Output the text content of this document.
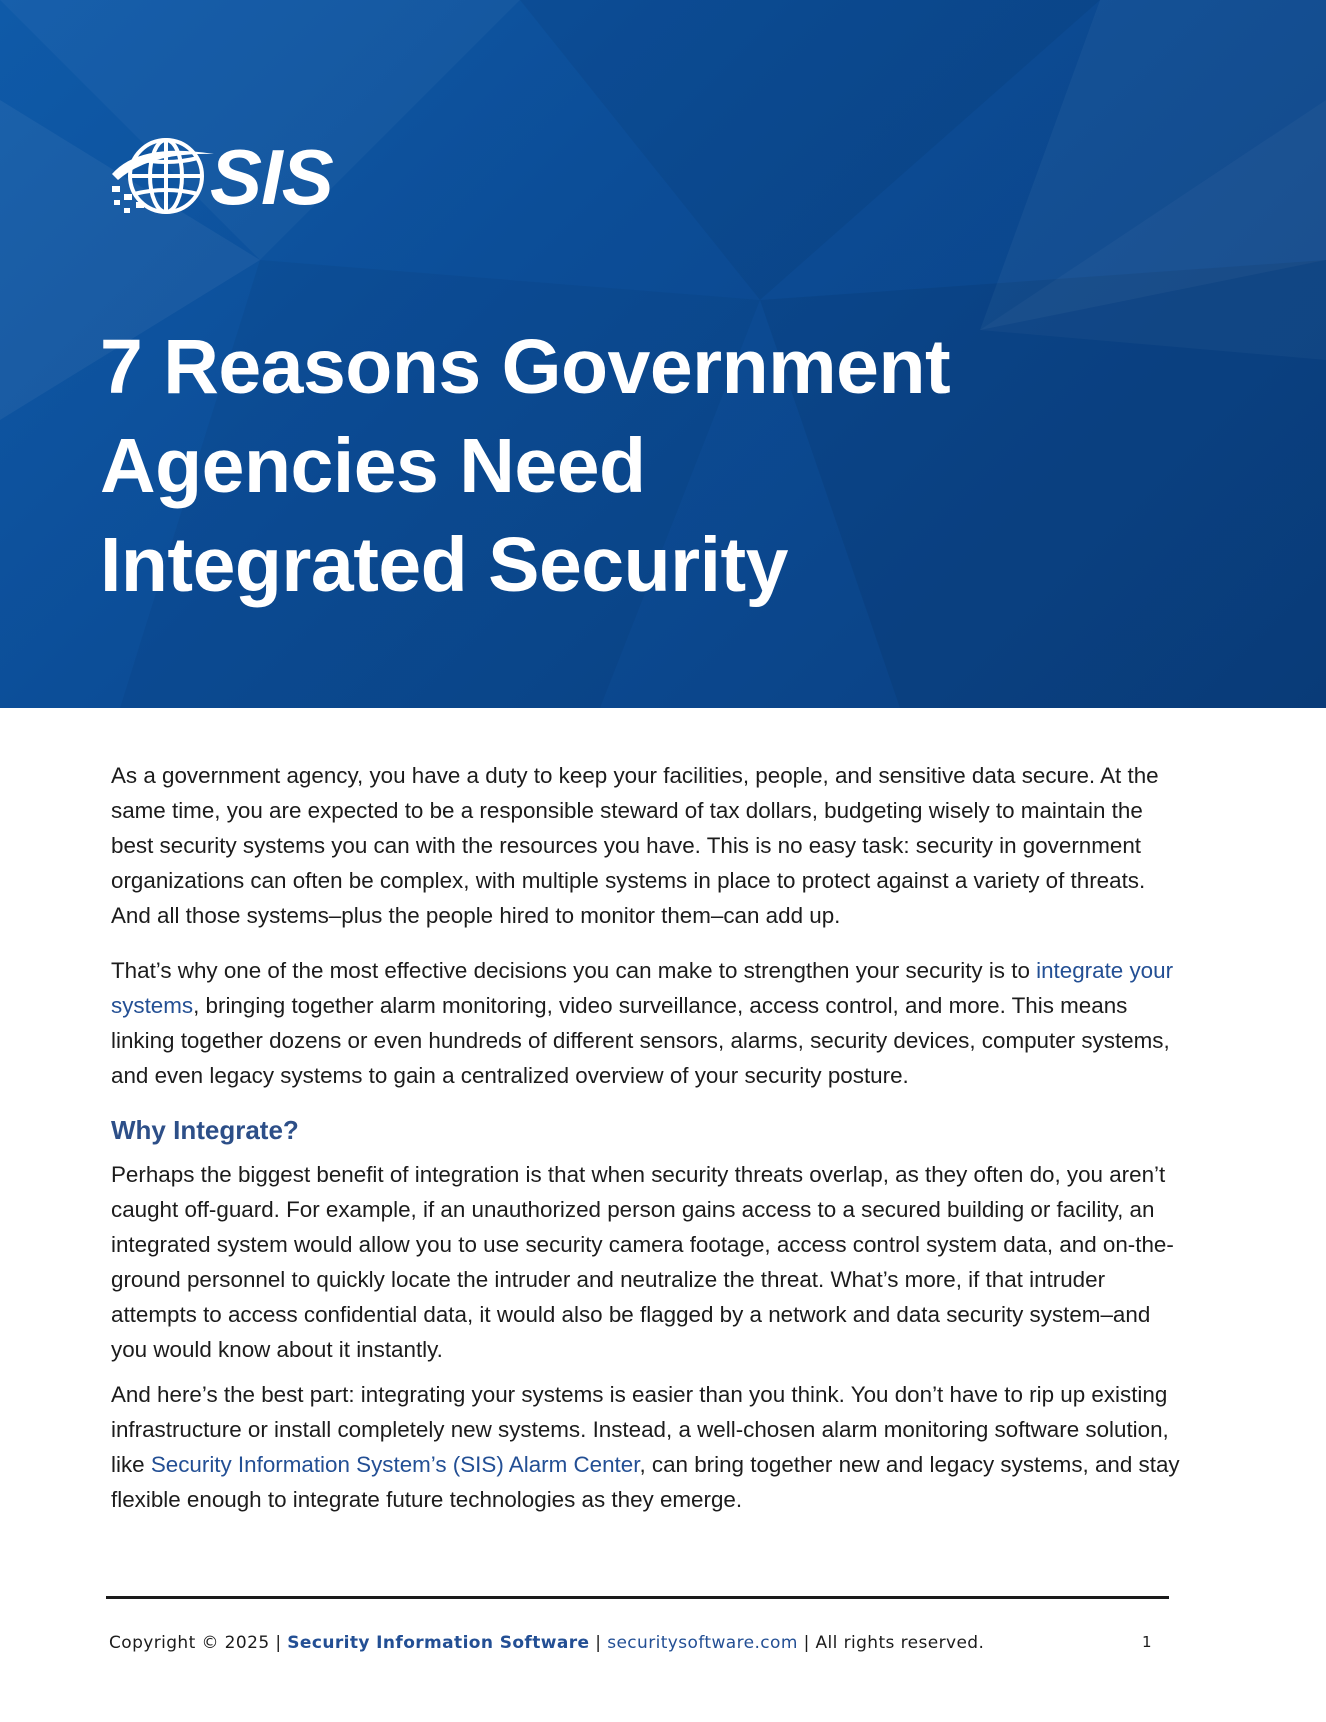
SIS
7 Reasons Government
Agencies Need
Integrated Security

As a government agency, you have a duty to keep your facilities, people, and sensitive data secure. At the same time, you are expected to be a responsible steward of tax dollars, budgeting wisely to maintain the best security systems you can with the resources you have. This is no easy task: security in government organizations can often be complex, with multiple systems in place to protect against a variety of threats. And all those systems–plus the people hired to monitor them–can add up.

That’s why one of the most effective decisions you can make to strengthen your security is to integrate your systems, bringing together alarm monitoring, video surveillance, access control, and more. This means linking together dozens or even hundreds of different sensors, alarms, security devices, computer systems, and even legacy systems to gain a centralized overview of your security posture.

Why Integrate?

Perhaps the biggest benefit of integration is that when security threats overlap, as they often do, you aren’t caught off-guard. For example, if an unauthorized person gains access to a secured building or facility, an integrated system would allow you to use security camera footage, access control system data, and on-the-ground personnel to quickly locate the intruder and neutralize the threat. What’s more, if that intruder attempts to access confidential data, it would also be flagged by a network and data security system–and you would know about it instantly.

And here’s the best part: integrating your systems is easier than you think. You don’t have to rip up existing infrastructure or install completely new systems. Instead, a well-chosen alarm monitoring software solution, like Security Information System’s (SIS) Alarm Center, can bring together new and legacy systems, and stay flexible enough to integrate future technologies as they emerge.

Copyright © 2025 | Security Information Software | securitysoftware.com | All rights reserved.	1
